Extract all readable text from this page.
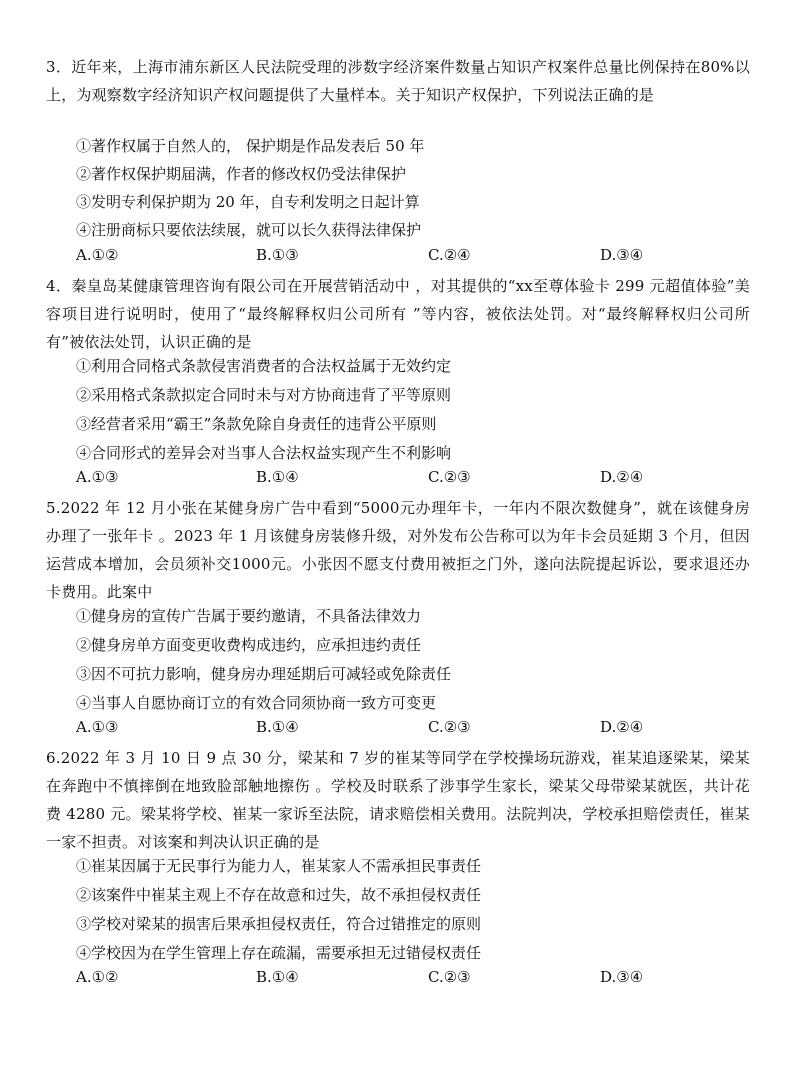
3．近年来，上海市浦东新区人民法院受理的涉数字经济案件数量占知识产权案件总量比例保持在80%以上，为观察数字经济知识产权问题提供了大量样本。关于知识产权保护，下列说法正确的是

①著作权属于自然人的， 保护期是作品发表后 50 年
②著作权保护期届满，作者的修改权仍受法律保护
③发明专利保护期为 20 年，自专利发明之日起计算
④注册商标只要依法续展，就可以长久获得法律保护
A.①②	B.①③	C.②④	D.③④

4．秦皇岛某健康管理咨询有限公司在开展营销活动中 ，对其提供的“xx至尊体验卡 299 元超值体验”美容项目进行说明时，使用了“最终解释权归公司所有 ”等内容，被依法处罚。对“最终解释权归公司所有”被依法处罚，认识正确的是

①利用合同格式条款侵害消费者的合法权益属于无效约定
②采用格式条款拟定合同时未与对方协商违背了平等原则
③经营者采用“霸王”条款免除自身责任的违背公平原则
④合同形式的差异会对当事人合法权益实现产生不利影响
A.①③	B.①④	C.②③	D.②④

5.2022 年 12 月小张在某健身房广告中看到“5000元办理年卡，一年内不限次数健身”，就在该健身房办理了一张年卡 。2023 年 1 月该健身房装修升级，对外发布公告称可以为年卡会员延期 3 个月，但因运营成本增加，会员须补交1000元。小张因不愿支付费用被拒之门外，遂向法院提起诉讼，要求退还办卡费用。此案中

①健身房的宣传广告属于要约邀请，不具备法律效力
②健身房单方面变更收费构成违约，应承担违约责任
③因不可抗力影响，健身房办理延期后可减轻或免除责任
④当事人自愿协商订立的有效合同须协商一致方可变更
A.①③	B.①④	C.②③	D.②④

6.2022 年 3 月 10 日 9 点 30 分，梁某和 7 岁的崔某等同学在学校操场玩游戏，崔某追逐梁某，梁某在奔跑中不慎摔倒在地致脸部触地擦伤 。学校及时联系了涉事学生家长，梁某父母带梁某就医，共计花费 4280 元。梁某将学校、崔某一家诉至法院，请求赔偿相关费用。法院判决，学校承担赔偿责任，崔某一家不担责。对该案和判决认识正确的是

①崔某因属于无民事行为能力人，崔某家人不需承担民事责任
②该案件中崔某主观上不存在故意和过失，故不承担侵权责任
③学校对梁某的损害后果承担侵权责任，符合过错推定的原则
④学校因为在学生管理上存在疏漏，需要承担无过错侵权责任
A.①②	B.①④	C.②③	D.③④
